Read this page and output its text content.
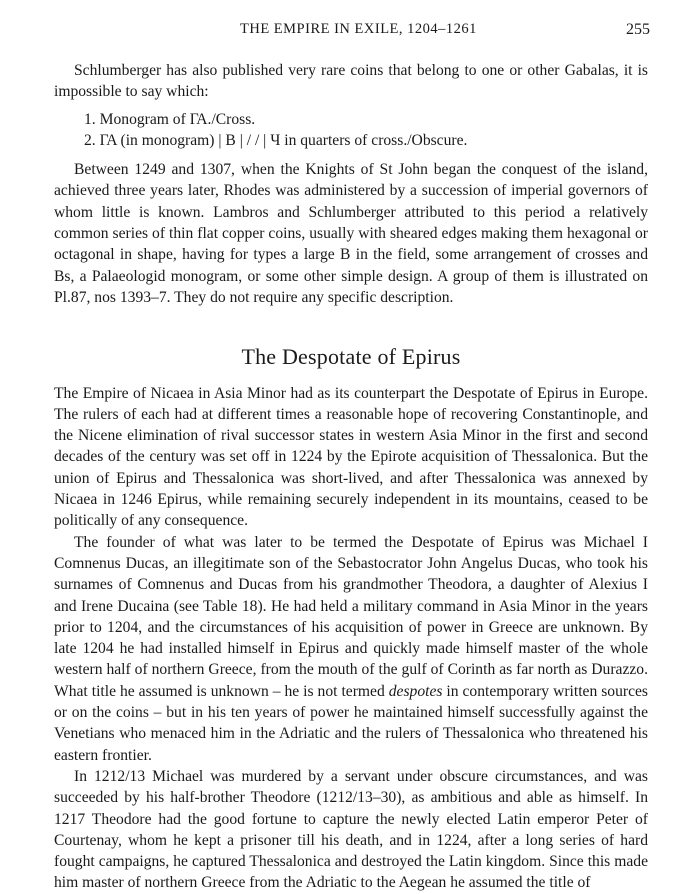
THE EMPIRE IN EXILE, 1204–1261	255

Schlumberger has also published very rare coins that belong to one or other Gabalas, it is impossible to say which:

1. Monogram of ΓΑ./Cross.
2. ΓΑ (in monogram) | Β | / / | Ч in quarters of cross./Obscure.

Between 1249 and 1307, when the Knights of St John began the conquest of the island, achieved three years later, Rhodes was administered by a succession of imperial governors of whom little is known. Lambros and Schlumberger attributed to this period a relatively common series of thin flat copper coins, usually with sheared edges making them hexagonal or octagonal in shape, having for types a large B in the field, some arrangement of crosses and Bs, a Palaeologid monogram, or some other simple design. A group of them is illustrated on Pl.87, nos 1393–7. They do not require any specific description.

The Despotate of Epirus

The Empire of Nicaea in Asia Minor had as its counterpart the Despotate of Epirus in Europe. The rulers of each had at different times a reasonable hope of recovering Constantinople, and the Nicene elimination of rival successor states in western Asia Minor in the first and second decades of the century was set off in 1224 by the Epirote acquisition of Thessalonica. But the union of Epirus and Thessalonica was short-lived, and after Thessalonica was annexed by Nicaea in 1246 Epirus, while remaining securely independent in its mountains, ceased to be politically of any consequence.

The founder of what was later to be termed the Despotate of Epirus was Michael I Comnenus Ducas, an illegitimate son of the Sebastocrator John Angelus Ducas, who took his surnames of Comnenus and Ducas from his grandmother Theodora, a daughter of Alexius I and Irene Ducaina (see Table 18). He had held a military command in Asia Minor in the years prior to 1204, and the circumstances of his acquisition of power in Greece are unknown. By late 1204 he had installed himself in Epirus and quickly made himself master of the whole western half of northern Greece, from the mouth of the gulf of Corinth as far north as Durazzo. What title he assumed is unknown – he is not termed despotes in contemporary written sources or on the coins – but in his ten years of power he maintained himself successfully against the Venetians who menaced him in the Adriatic and the rulers of Thessalonica who threatened his eastern frontier.

In 1212/13 Michael was murdered by a servant under obscure circumstances, and was succeeded by his half-brother Theodore (1212/13–30), as ambitious and able as himself. In 1217 Theodore had the good fortune to capture the newly elected Latin emperor Peter of Courtenay, whom he kept a prisoner till his death, and in 1224, after a long series of hard fought campaigns, he captured Thessalonica and destroyed the Latin kingdom. Since this made him master of northern Greece from the Adriatic to the Aegean he assumed the title of
